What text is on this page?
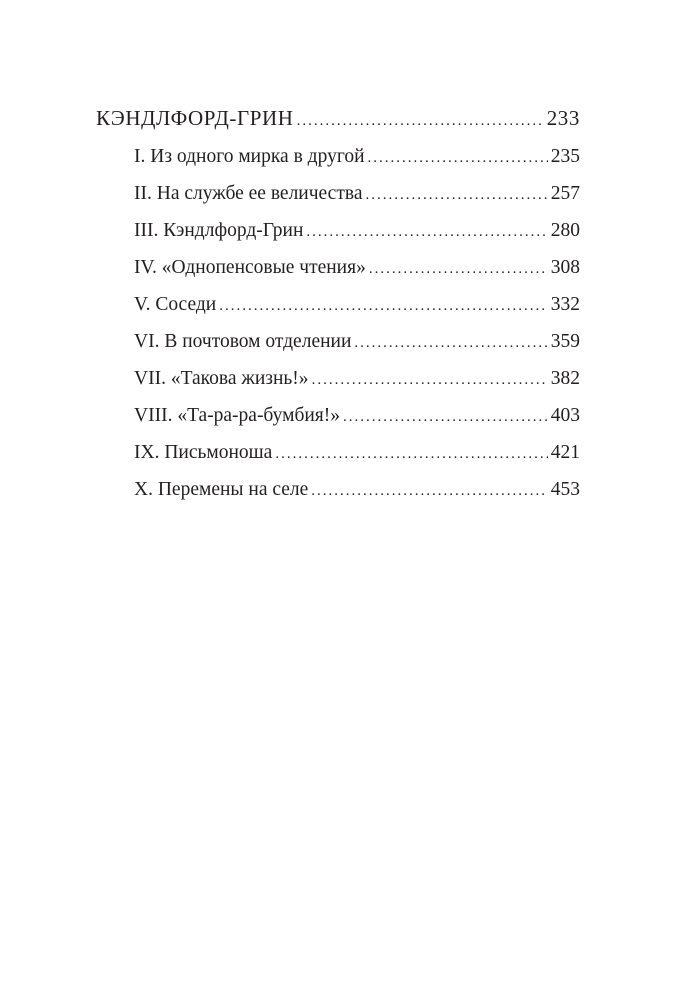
КЭНДЛФОРД-ГРИН .....	233
I. Из одного мирка в другой .....	235
II. На службе ее величества .....	257
III. Кэндлфорд-Грин .....	280
IV. «Однопенсовые чтения» .....	308
V. Соседи .....	332
VI. В почтовом отделении .....	359
VII. «Такова жизнь!» .....	382
VIII. «Та-ра-ра-бумбия!» .....	403
IX. Письмоноша .....	421
X. Перемены на селе .....	453
